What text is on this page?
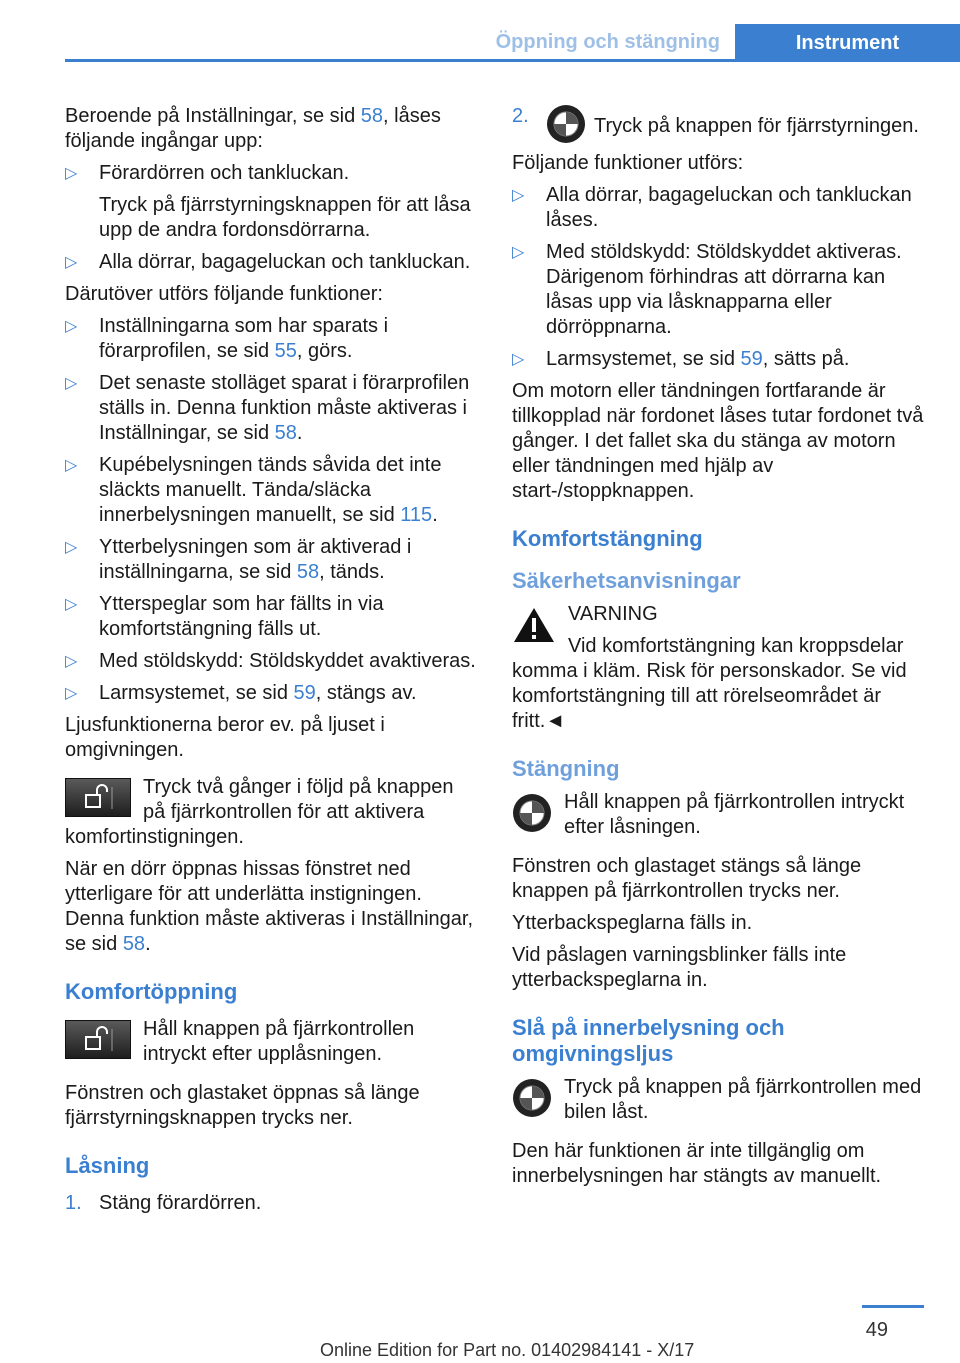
Öppning och stängning	Instrument

Beroende på Inställningar, se sid 58, låses följande ingångar upp:

▷ Förardörren och tankluckan.
Tryck på fjärrstyrningsknappen för att låsa upp de andra fordonsdörrarna.
▷ Alla dörrar, bagageluckan och tankluckan.

Därutöver utförs följande funktioner:

▷ Inställningarna som har sparats i förarprofilen, se sid 55, görs.
▷ Det senaste stolläget sparat i förarprofilen ställs in. Denna funktion måste aktiveras i Inställningar, se sid 58.
▷ Kupébelysningen tänds såvida det inte släckts manuellt. Tända/släcka innerbelysningen manuellt, se sid 115.
▷ Ytterbelysningen som är aktiverad i inställningarna, se sid 58, tänds.
▷ Ytterspeglar som har fällts in via komfortstängning fälls ut.
▷ Med stöldskydd: Stöldskyddet avaktiveras.
▷ Larmsystemet, se sid 59, stängs av.

Ljusfunktionerna beror ev. på ljuset i omgivningen.

Tryck två gånger i följd på knappen på fjärrkontrollen för att aktivera komfortinstigningen.

När en dörr öppnas hissas fönstret ned ytterligare för att underlätta instigningen. Denna funktion måste aktiveras i Inställningar, se sid 58.

Komfortöppning
Håll knappen på fjärrkontrollen intryckt efter upplåsningen.

Fönstren och glastaket öppnas så länge fjärrstyrningsknappen trycks ner.

Låsning
1. Stäng förardörren.
2.	Tryck på knappen för fjärrstyrningen.

Följande funktioner utförs:

▷ Alla dörrar, bagageluckan och tankluckan låses.
▷ Med stöldskydd: Stöldskyddet aktiveras. Därigenom förhindras att dörrarna kan låsas upp via låsknapparna eller dörröppnarna.
▷ Larmsystemet, se sid 59, sätts på.

Om motorn eller tändningen fortfarande är tillkopplad när fordonet låses tutar fordonet två gånger. I det fallet ska du stänga av motorn eller tändningen med hjälp av start-/stoppknappen.

Komfortstängning
Säkerhetsanvisningar
VARNING
Vid komfortstängning kan kroppsdelar komma i kläm. Risk för personskador. Se vid komfortstängning till att rörelseområdet är fritt.◄
Stängning
Håll knappen på fjärrkontrollen intryckt efter låsningen.

Fönstren och glastaget stängs så länge knappen på fjärrkontrollen trycks ner.

Ytterbackspeglarna fälls in.

Vid påslagen varningsblinker fälls inte ytterbackspeglarna in.

Slå på innerbelysning och omgivningsljus
Tryck på knappen på fjärrkontrollen med bilen låst.

Den här funktionen är inte tillgänglig om innerbelysningen har stängts av manuellt.

49
Online Edition for Part no. 01402984141 - X/17
